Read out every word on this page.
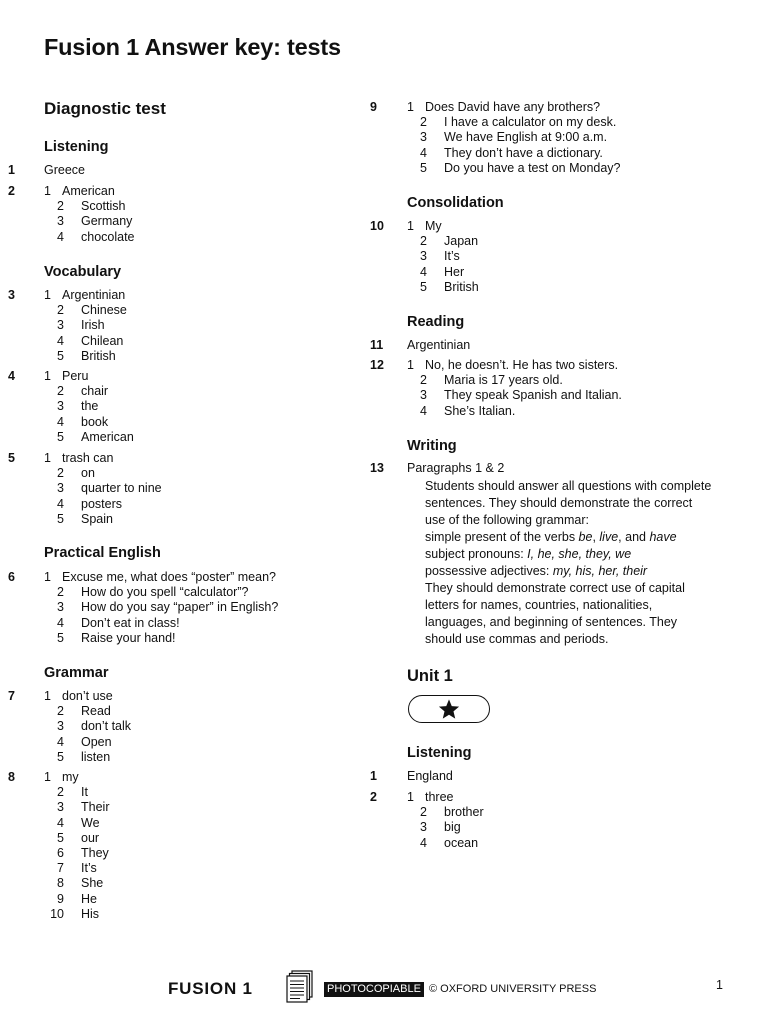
Fusion 1 Answer key: tests
Diagnostic test
Listening
1 Greece
2 1 American
2 Scottish
3 Germany
4 chocolate
Vocabulary
3 1 Argentinian
2 Chinese
3 Irish
4 Chilean
5 British
4 1 Peru
2 chair
3 the
4 book
5 American
5 1 trash can
2 on
3 quarter to nine
4 posters
5 Spain
Practical English
6 1 Excuse me, what does “poster” mean?
2 How do you spell “calculator”?
3 How do you say “paper” in English?
4 Don’t eat in class!
5 Raise your hand!
Grammar
7 1 don’t use
2 Read
3 don’t talk
4 Open
5 listen
8 1 my
2 It
3 Their
4 We
5 our
6 They
7 It’s
8 She
9 He
10 His
9 1 Does David have any brothers?
2 I have a calculator on my desk.
3 We have English at 9:00 a.m.
4 They don’t have a dictionary.
5 Do you have a test on Monday?
Consolidation
10 1 My
2 Japan
3 It’s
4 Her
5 British
Reading
11 Argentinian
12 1 No, he doesn’t. He has two sisters.
2 Maria is 17 years old.
3 They speak Spanish and Italian.
4 She’s Italian.
Writing
13 Paragraphs 1 & 2
Students should answer all questions with complete
sentences. They should demonstrate the correct
use of the following grammar:
simple present of the verbs be, live, and have
subject pronouns: I, he, she, they, we
possessive adjectives: my, his, her, their
They should demonstrate correct use of capital
letters for names, countries, nationalities,
languages, and beginning of sentences. They
should use commas and periods.
Unit 1
Listening
1 England
2 1 three
2 brother
3 big
4 ocean
FUSION 1	PHOTOCOPIABLE © OXFORD UNIVERSITY PRESS	1
